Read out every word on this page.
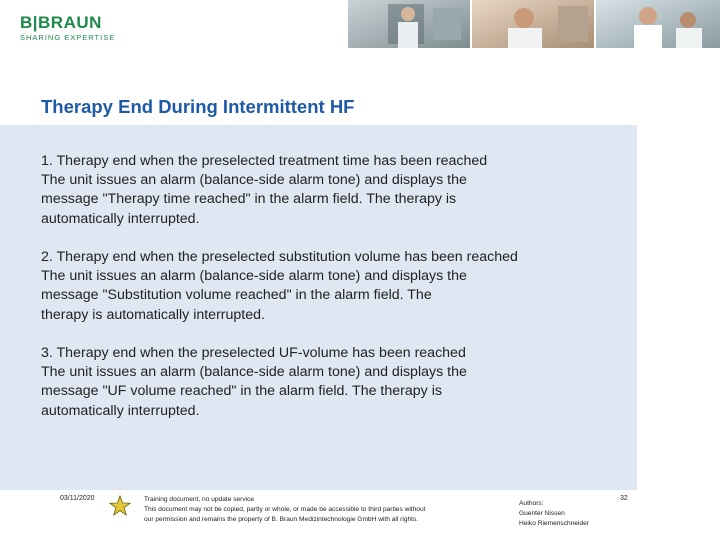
B|BRAUN
SHARING EXPERTISE
Therapy End During Intermittent HF
1. Therapy end when the preselected treatment time has been reached
The unit issues an alarm (balance-side alarm tone) and displays the
message "Therapy time reached" in the alarm field. The therapy is
automatically interrupted.
2. Therapy end when the preselected substitution volume has been reached
The unit issues an alarm (balance-side alarm tone) and displays the
message "Substitution volume reached" in the alarm field. The
therapy is automatically interrupted.
3. Therapy end when the preselected UF-volume has been reached
The unit issues an alarm (balance-side alarm tone) and displays the
message "UF volume reached" in the alarm field. The therapy is
automatically interrupted.
03/11/2020	Training document, no update service
This document may not be copied, partly or whole, or made be accessible to third parties without
our permission and remains the property of B. Braun Medizintechnologie GmbH with all rights.
Authors:
Guenter Nissen
Heiko Riemenschneider
32
